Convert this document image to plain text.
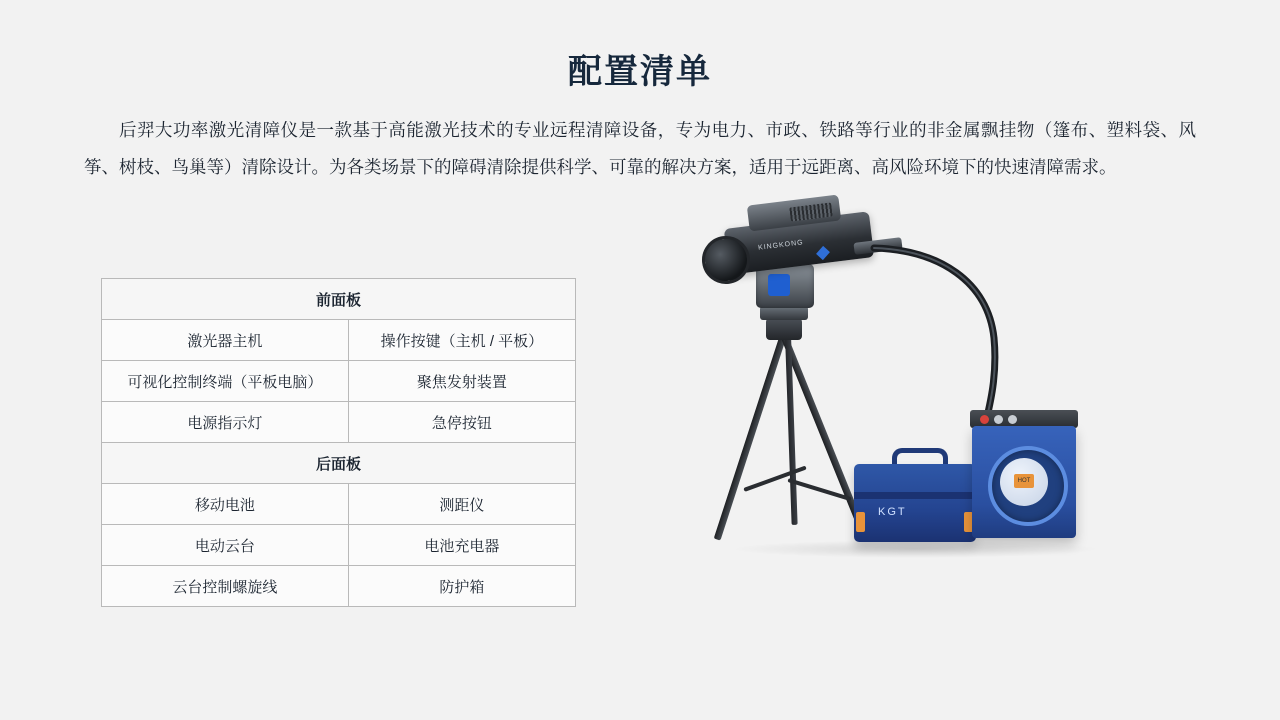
配置清单
后羿大功率激光清障仪是一款基于高能激光技术的专业远程清障设备，专为电力、市政、铁路等行业的非金属飘挂物（篷布、塑料袋、风筝、树枝、鸟巢等）清除设计。为各类场景下的障碍清除提供科学、可靠的解决方案，适用于远距离、高风险环境下的快速清障需求。
前面板	
激光器主机	操作按键（主机 / 平板）
可视化控制终端（平板电脑）	聚焦发射装置
电源指示灯	急停按钮
后面板	
移动电池	测距仪
电动云台	电池充电器
云台控制螺旋线	防护箱
KINGKONG
KGT
HOT
